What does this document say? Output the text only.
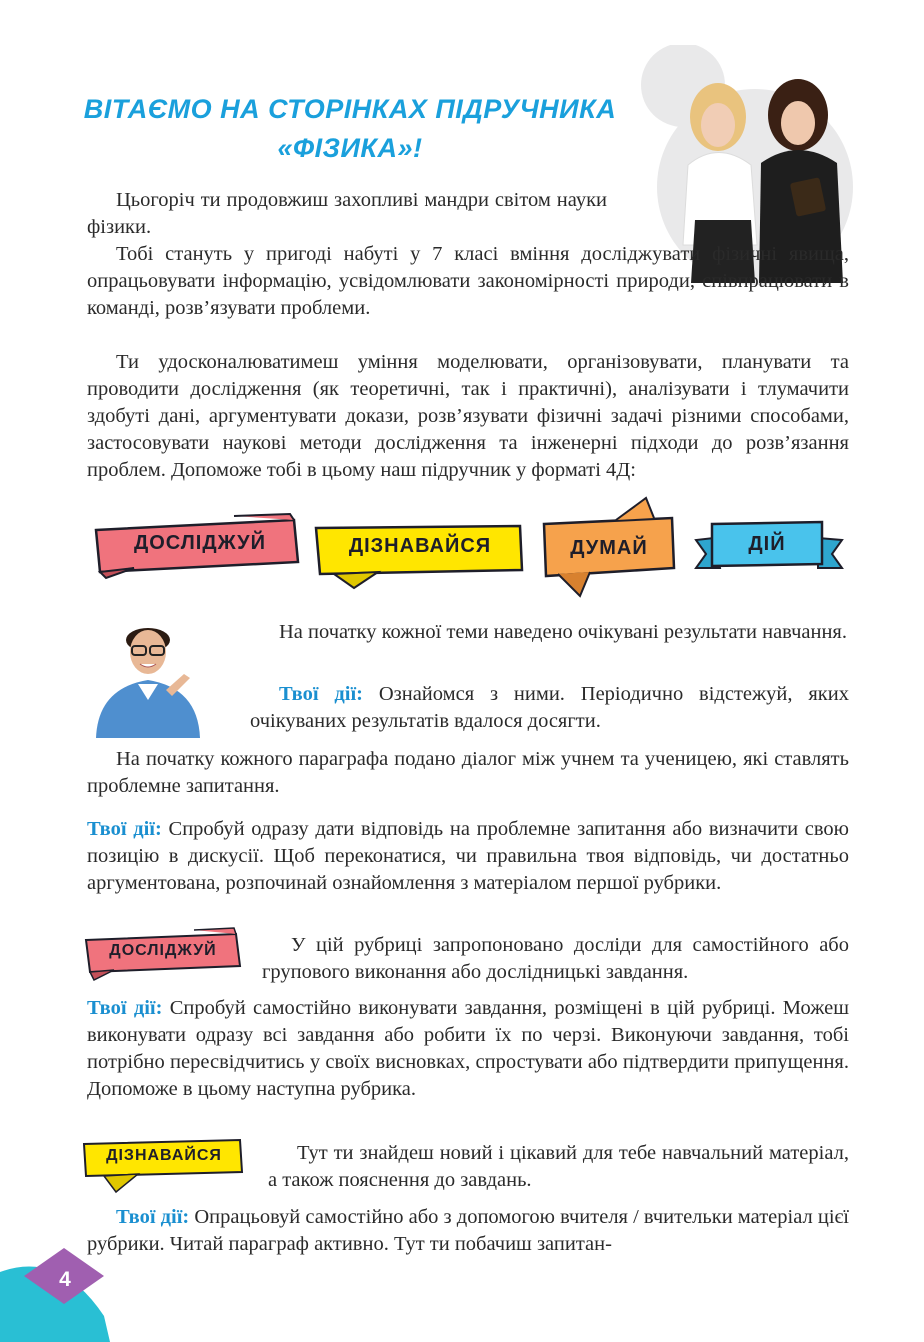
ВІТАЄМО НА СТОРІНКАХ ПІДРУЧНИКА
«ФІЗИКА»!

Цьогоріч ти продовжиш захопливі мандри світом науки фізики.

Тобі стануть у пригоді набуті у 7 класі вміння досліджувати фізичні явища, опрацьовувати інформацію, усвідомлювати закономірності природи, співпрацювати в команді, розв’язувати проблеми.

Ти удосконалюватимеш уміння моделювати, організовувати, планувати та проводити дослідження (як теоретичні, так і практичні), аналізувати і тлумачити здобуті дані, аргументувати докази, розв’язувати фізичні задачі різними способами, застосовувати наукові методи дослідження та інженерні підходи до розв’язання проблем. Допоможе тобі в цьому наш підручник у форматі 4Д:

ДОСЛІДЖУЙ	ДІЗНАВАЙСЯ	ДУМАЙ	ДІЙ

На початку кожної теми наведено очікувані результати навчання.

Твої дії: Ознайомся з ними. Періодично відстежуй, яких очікуваних результатів вдалося досягти.

На початку кожного параграфа подано діалог між учнем та ученицею, які ставлять проблемне запитання.

Твої дії: Спробуй одразу дати відповідь на проблемне запитання або визначити свою позицію в дискусії. Щоб переконатися, чи правильна твоя відповідь, чи достатньо аргументована, розпочинай ознайомлення з матеріалом першої рубрики.

ДОСЛІДЖУЙ	У цій рубриці запропоновано досліди для самостійного або групового виконання або дослідницькі завдання.

Твої дії: Спробуй самостійно виконувати завдання, розміщені в цій рубриці. Можеш виконувати одразу всі завдання або робити їх по черзі. Виконуючи завдання, тобі потрібно пересвідчитись у своїх висновках, спростувати або підтвердити припущення. Допоможе в цьому наступна рубрика.

ДІЗНАВАЙСЯ	Тут ти знайдеш новий і цікавий для тебе навчальний матеріал, а також пояснення до завдань.

Твої дії: Опрацьовуй самостійно або з допомогою вчителя / вчительки матеріал цієї рубрики. Читай параграф активно. Тут ти побачиш запитан-

4
